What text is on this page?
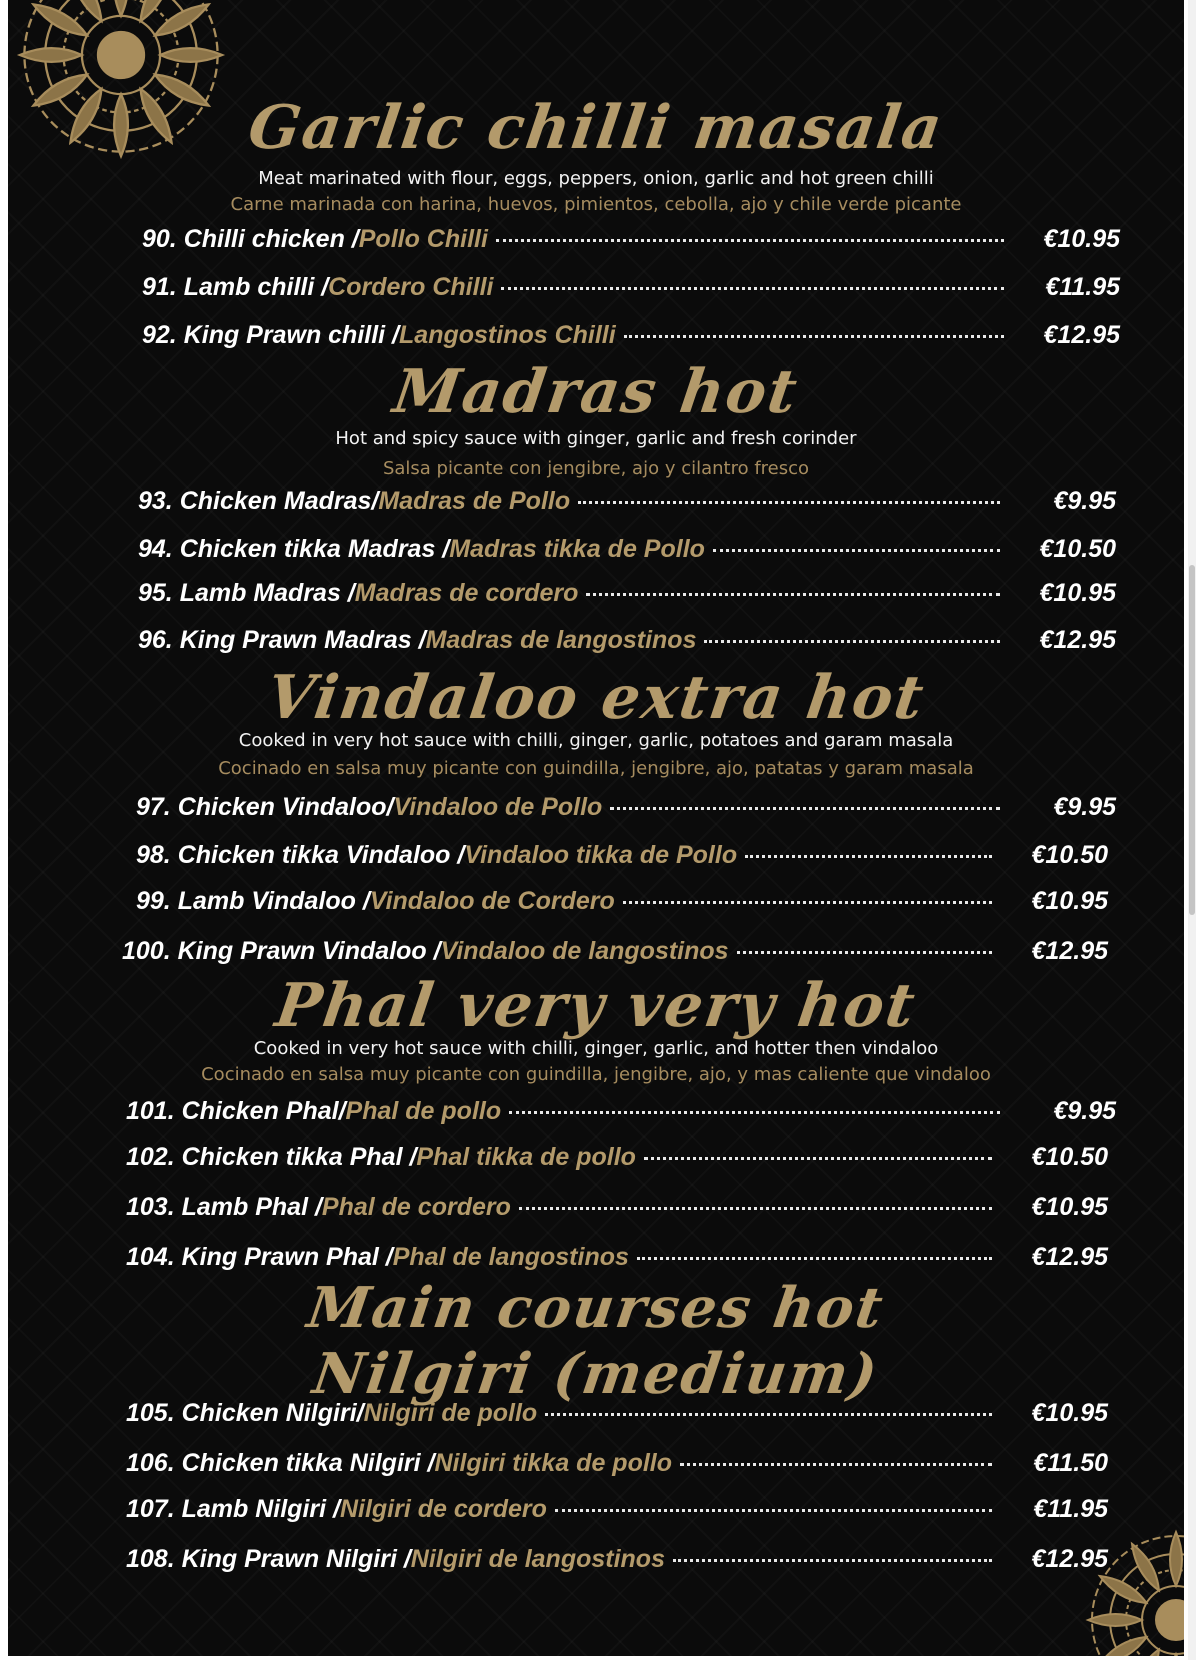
Garlic chilli masala

Meat marinated with flour, eggs, peppers, onion, garlic and hot green chilli

Carne marinada con harina, huevos, pimientos, cebolla, ajo y chile verde picante

90. Chilli chicken / Pollo Chilli	€10.95
91. Lamb chilli / Cordero Chilli	€11.95
92. King Prawn chilli / Langostinos Chilli	€12.95
Madras hot

Hot and spicy sauce with ginger, garlic and fresh corinder

Salsa picante con jengibre, ajo y cilantro fresco

93. Chicken Madras/ Madras de Pollo	€9.95
94. Chicken tikka Madras / Madras tikka de Pollo	€10.50
95. Lamb Madras / Madras de cordero	€10.95
96. King Prawn Madras / Madras de langostinos	€12.95
Vindaloo extra hot

Cooked in very hot sauce with chilli, ginger, garlic, potatoes and garam masala

Cocinado en salsa muy picante con guindilla, jengibre, ajo, patatas y garam masala

97. Chicken Vindaloo/ Vindaloo de Pollo	€9.95
98. Chicken tikka Vindaloo / Vindaloo tikka de Pollo	€10.50
99. Lamb Vindaloo / Vindaloo de Cordero	€10.95
100. King Prawn Vindaloo / Vindaloo de langostinos	€12.95
Phal very very hot

Cooked in very hot sauce with chilli, ginger, garlic, and hotter then vindaloo

Cocinado en salsa muy picante con guindilla, jengibre, ajo, y mas caliente que vindaloo

101. Chicken Phal/ Phal de pollo	€9.95
102. Chicken tikka Phal / Phal tikka de pollo	€10.50
103. Lamb Phal / Phal de cordero	€10.95
104. King Prawn Phal / Phal de langostinos	€12.95
Main courses hot
Nilgiri (medium)
105. Chicken Nilgiri/ Nilgiri de pollo	€10.95
106. Chicken tikka Nilgiri / Nilgiri tikka de pollo	€11.50
107. Lamb Nilgiri / Nilgiri de cordero	€11.95
108. King Prawn Nilgiri / Nilgiri de langostinos	€12.95
